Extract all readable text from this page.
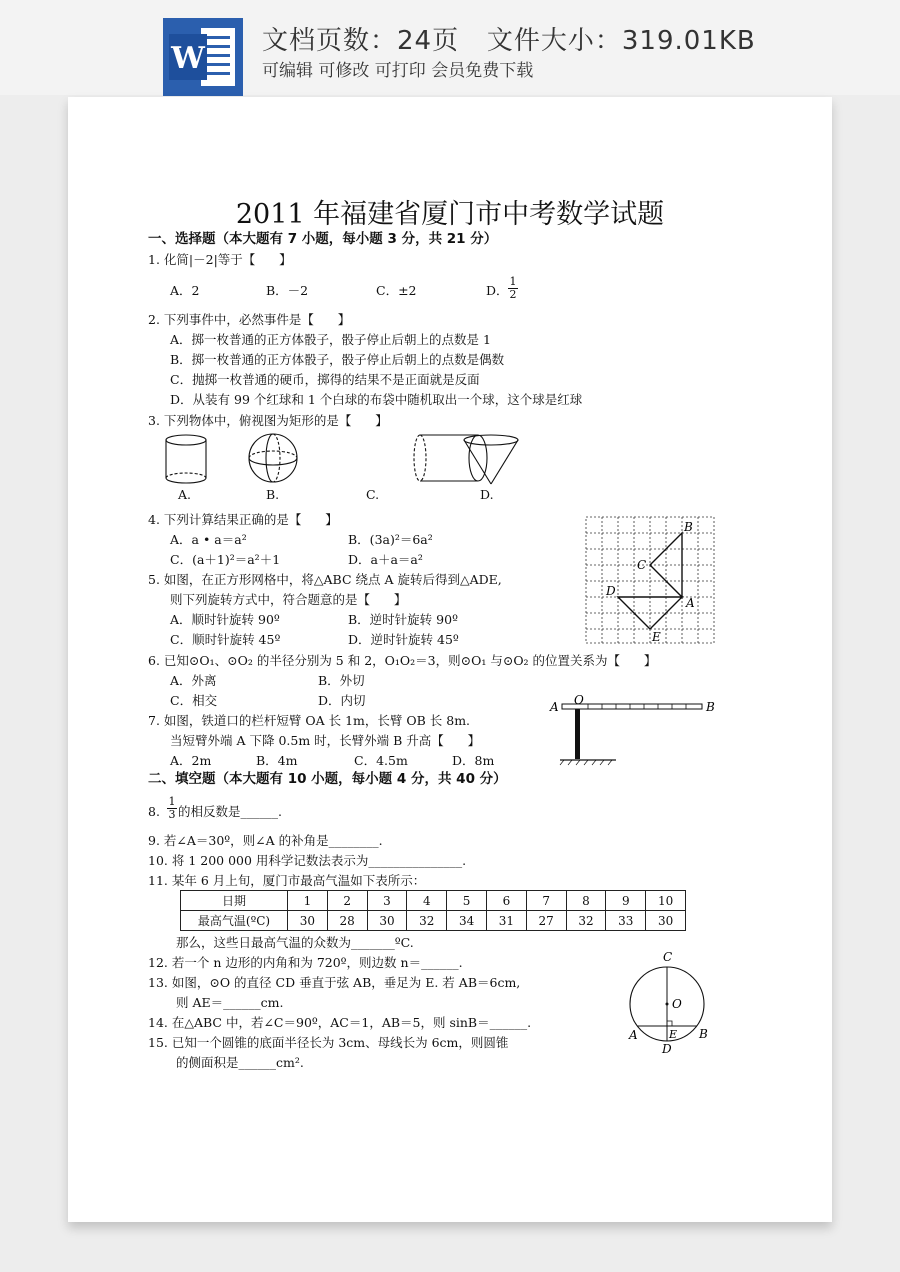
W 文档页数：24页   文件大小：319.01KB
可编辑 可修改 可打印 会员免费下载
2011 年福建省厦门市中考数学试题
一、选择题（本大题有 7 小题，每小题 3 分，共 21 分）
1. 化简|－2|等于【      】
A．2	B．－2	C．±2	D． $\frac{1}{2}$
2. 下列事件中，必然事件是【      】
A．掷一枚普通的正方体骰子，骰子停止后朝上的点数是 1
B．掷一枚普通的正方体骰子，骰子停止后朝上的点数是偶数
C．抛掷一枚普通的硬币，掷得的结果不是正面就是反面
D．从装有 99 个红球和 1 个白球的布袋中随机取出一个球，这个球是红球
3. 下列物体中，俯视图为矩形的是【      】
A.	B.	C.	D.
4. 下列计算结果正确的是【      】
A．a • a＝a²	B．(3a)²＝6a²
C．(a＋1)²＝a²＋1	D．a＋a＝a²
5. 如图，在正方形网格中，将△ABC 绕点 A 旋转后得到△ADE,
则下列旋转方式中，符合题意的是【      】
A．顺时针旋转 90º	B．逆时针旋转 90º
C．顺时针旋转 45º	D．逆时针旋转 45º
B
C
D
A
E
6. 已知⊙O₁、⊙O₂ 的半径分别为 5 和 2，O₁O₂＝3，则⊙O₁ 与⊙O₂ 的位置关系为【      】
A．外离	B．外切
C．相交	D．内切
7. 如图，铁道口的栏杆短臂 OA 长 1m，长臂 OB 长 8m.
当短臂外端 A 下降 0.5m 时，长臂外端 B 升高【      】
A．2m	B．4m	C．4.5m	D．8m
A O	B
二、填空题（本大题有 10 小题，每小题 4 分，共 40 分）
8. $\frac{1}{3}$ 的相反数是______.
9. 若∠A＝30º，则∠A 的补角是________.
10. 将 1 200 000 用科学记数法表示为_______________.
11. 某年 6 月上旬，厦门市最高气温如下表所示：
日期	1	2	3	4	5	6	7	8	9	10
最高气温(ºC)	30	28	30	32	34	31	27	32	33	30
那么，这些日最高气温的众数为_______ºC.
12. 若一个 n 边形的内角和为 720º，则边数 n＝______.
13. 如图，⊙O 的直径 CD 垂直于弦 AB，垂足为 E. 若 AB＝6cm,
则 AE＝______cm.
14. 在△ABC 中，若∠C＝90º，AC＝1，AB＝5，则 sinB＝______.
15. 已知一个圆锥的底面半径长为 3cm、母线长为 6cm，则圆锥
的侧面积是______cm².
C
O
A	E B
D
